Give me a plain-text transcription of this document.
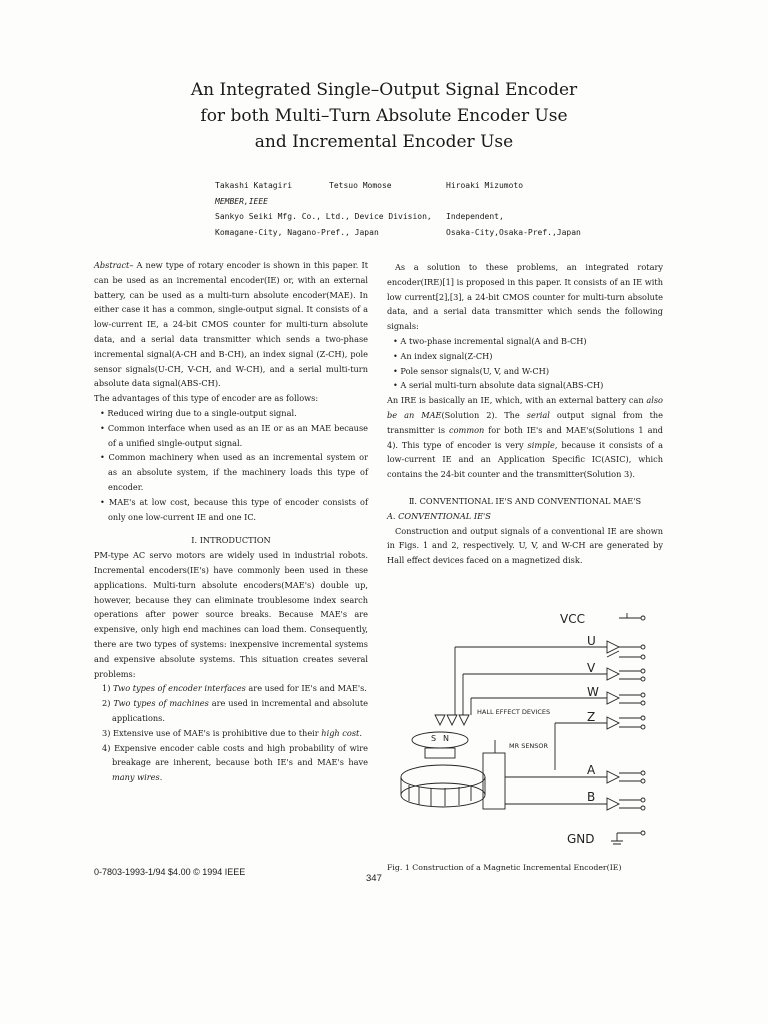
An Integrated Single–Output Signal Encoder
for both Multi–Turn Absolute Encoder Use
and Incremental Encoder Use
Takashi Katagiri	Tetsuo Momose	Hiroaki Mizumoto
MEMBER,IEEE
Sankyo Seiki Mfg. Co., Ltd., Device Division, Independent,
Komagane-City, Nagano-Pref., Japan	Osaka-City,Osaka-Pref.,Japan

Abstract– A new type of rotary encoder is shown in this paper. It can be used as an incremental encoder(IE) or, with an external battery, can be used as a multi-turn absolute encoder(MAE). In either case it has a common, single-output signal. It consists of a low-current IE, a 24-bit CMOS counter for multi-turn absolute data, and a serial data transmitter which sends a two-phase incremental signal(A-CH and B-CH), an index signal (Z-CH), pole sensor signals(U-CH, V-CH, and W-CH), and a serial multi-turn absolute data signal(ABS-CH).

The advantages of this type of encoder are as follows:

• Reduced wiring due to a single-output signal.

• Common interface when used as an IE or as an MAE because of a unified single-output signal.

• Common machinery when used as an incremental system or as an absolute system, if the machinery loads this type of encoder.

• MAE's at low cost, because this type of encoder consists of only one low-current IE and one IC.

Ⅰ. INTRODUCTION

PM-type AC servo motors are widely used in industrial robots. Incremental encoders(IE's) have commonly been used in these applications. Multi-turn absolute encoders(MAE's) double up, however, because they can eliminate troublesome index search operations after power source breaks. Because MAE's are expensive, only high end machines can load them. Consequently, there are two types of systems: inexpensive incremental systems and expensive absolute systems. This situation creates several problems:

1) Two types of encoder interfaces are used for IE's and MAE's.

2) Two types of machines are used in incremental and absolute applications.

3) Extensive use of MAE's is prohibitive due to their high cost.

4) Expensive encoder cable costs and high probability of wire breakage are inherent, because both IE's and MAE's have many wires.

As a solution to these problems, an integrated rotary encoder(IRE)[1] is proposed in this paper. It consists of an IE with low current[2],[3], a 24-bit CMOS counter for multi-turn absolute data, and a serial data transmitter which sends the following signals:

• A two-phase incremental signal(A and B-CH)

• An index signal(Z-CH)

• Pole sensor signals(U, V, and W-CH)

• A serial multi-turn absolute data signal(ABS-CH)

An IRE is basically an IE, which, with an external battery can also be an MAE(Solution 2). The serial output signal from the transmitter is common for both IE's and MAE's(Solutions 1 and 4). This type of encoder is very simple, because it consists of a low-current IE and an Application Specific IC(ASIC), which contains the 24-bit counter and the transmitter(Solution 3).

Ⅱ. CONVENTIONAL IE'S AND CONVENTIONAL MAE'S

A. CONVENTIONAL IE'S

Construction and output signals of a conventional IE are shown in Figs. 1 and 2, respectively. U, V, and W-CH are generated by Hall effect devices faced on a magnetized disk.

VCC
U
V
W
Z
A
B
GND
HALL EFFECT DEVICES
MR SENSOR
S N
Fig. 1 Construction of a Magnetic Incremental Encoder(IE)
0-7803-1993-1/94 $4.00 © 1994 IEEE
347
